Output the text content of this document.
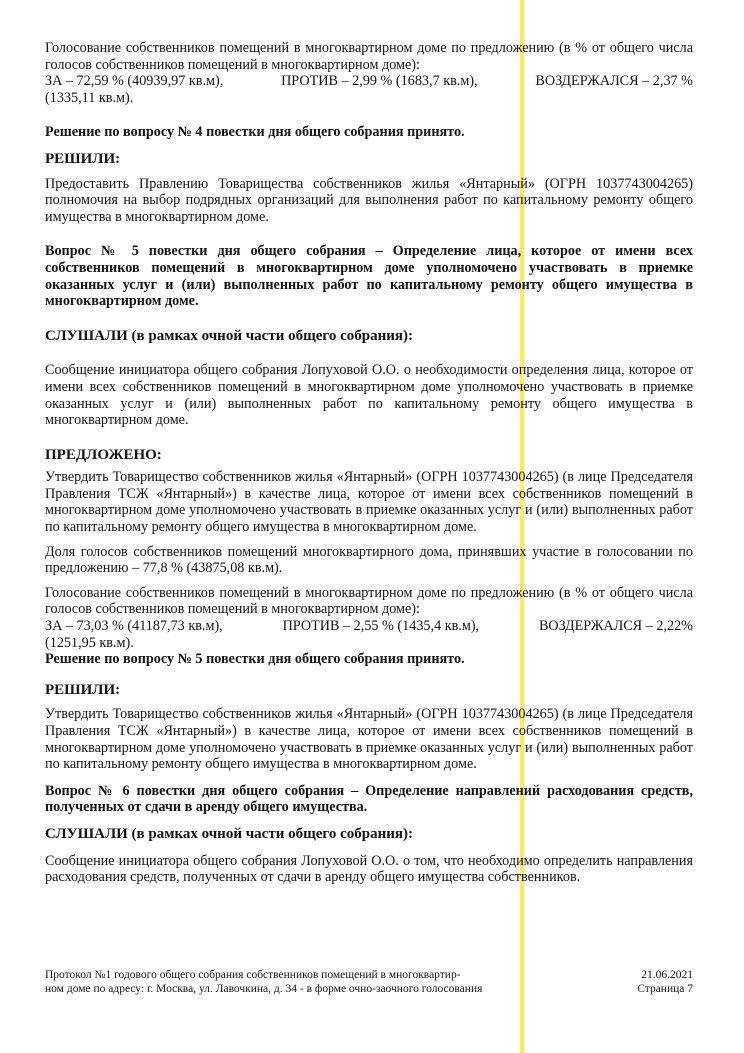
Голосование собственников помещений в многоквартирном доме по предложению (в % от общего числа голосов собственников помещений в многоквартирном доме):

ЗА – 72,59 % (40939,97 кв.м),	ПРОТИВ – 2,99 % (1683,7 кв.м),	ВОЗДЕРЖАЛСЯ – 2,37 %

(1335,11 кв.м).

Решение по вопросу № 4 повестки дня общего собрания принято.

РЕШИЛИ:

Предоставить Правлению Товарищества собственников жилья «Янтарный» (ОГРН 1037743004265) полномочия на выбор подрядных организаций для выполнения работ по капитальному ремонту общего имущества в многоквартирном доме.

Вопрос № 5 повестки дня общего собрания – Определение лица, которое от имени всех собственников помещений в многоквартирном доме уполномочено участвовать в приемке оказанных услуг и (или) выполненных работ по капитальному ремонту общего имущества в многоквартирном доме.

СЛУШАЛИ (в рамках очной части общего собрания):

Сообщение инициатора общего собрания Лопуховой О.О. о необходимости определения лица, которое от имени всех собственников помещений в многоквартирном доме уполномочено участвовать в приемке оказанных услуг и (или) выполненных работ по капитальному ремонту общего имущества в многоквартирном доме.

ПРЕДЛОЖЕНО:

Утвердить Товарищество собственников жилья «Янтарный» (ОГРН 1037743004265) (в лице Председателя Правления ТСЖ «Янтарный») в качестве лица, которое от имени всех собственников помещений в многоквартирном доме уполномочено участвовать в приемке оказанных услуг и (или) выполненных работ по капитальному ремонту общего имущества в многоквартирном доме.

Доля голосов собственников помещений многоквартирного дома, принявших участие в голосовании по предложению – 77,8 % (43875,08 кв.м).

Голосование собственников помещений в многоквартирном доме по предложению (в % от общего числа голосов собственников помещений в многоквартирном доме):

ЗА – 73,03 % (41187,73 кв.м),	ПРОТИВ – 2,55 % (1435,4 кв.м),	ВОЗДЕРЖАЛСЯ – 2,22%

(1251,95 кв.м).

Решение по вопросу № 5 повестки дня общего собрания принято.

РЕШИЛИ:

Утвердить Товарищество собственников жилья «Янтарный» (ОГРН 1037743004265) (в лице Председателя Правления ТСЖ «Янтарный») в качестве лица, которое от имени всех собственников помещений в многоквартирном доме уполномочено участвовать в приемке оказанных услуг и (или) выполненных работ по капитальному ремонту общего имущества в многоквартирном доме.

Вопрос № 6 повестки дня общего собрания – Определение направлений расходования средств, полученных от сдачи в аренду общего имущества.

СЛУШАЛИ (в рамках очной части общего собрания):

Сообщение инициатора общего собрания Лопуховой О.О. о том, что необходимо определить направления расходования средств, полученных от сдачи в аренду общего имущества собственников.

Протокол №1 годового общего собрания собственников помещений в многоквартир-
ном доме по адресу: г. Москва, ул. Лавочкина, д. 34 - в форме очно-заочного голосования
21.06.2021
Страница 7
